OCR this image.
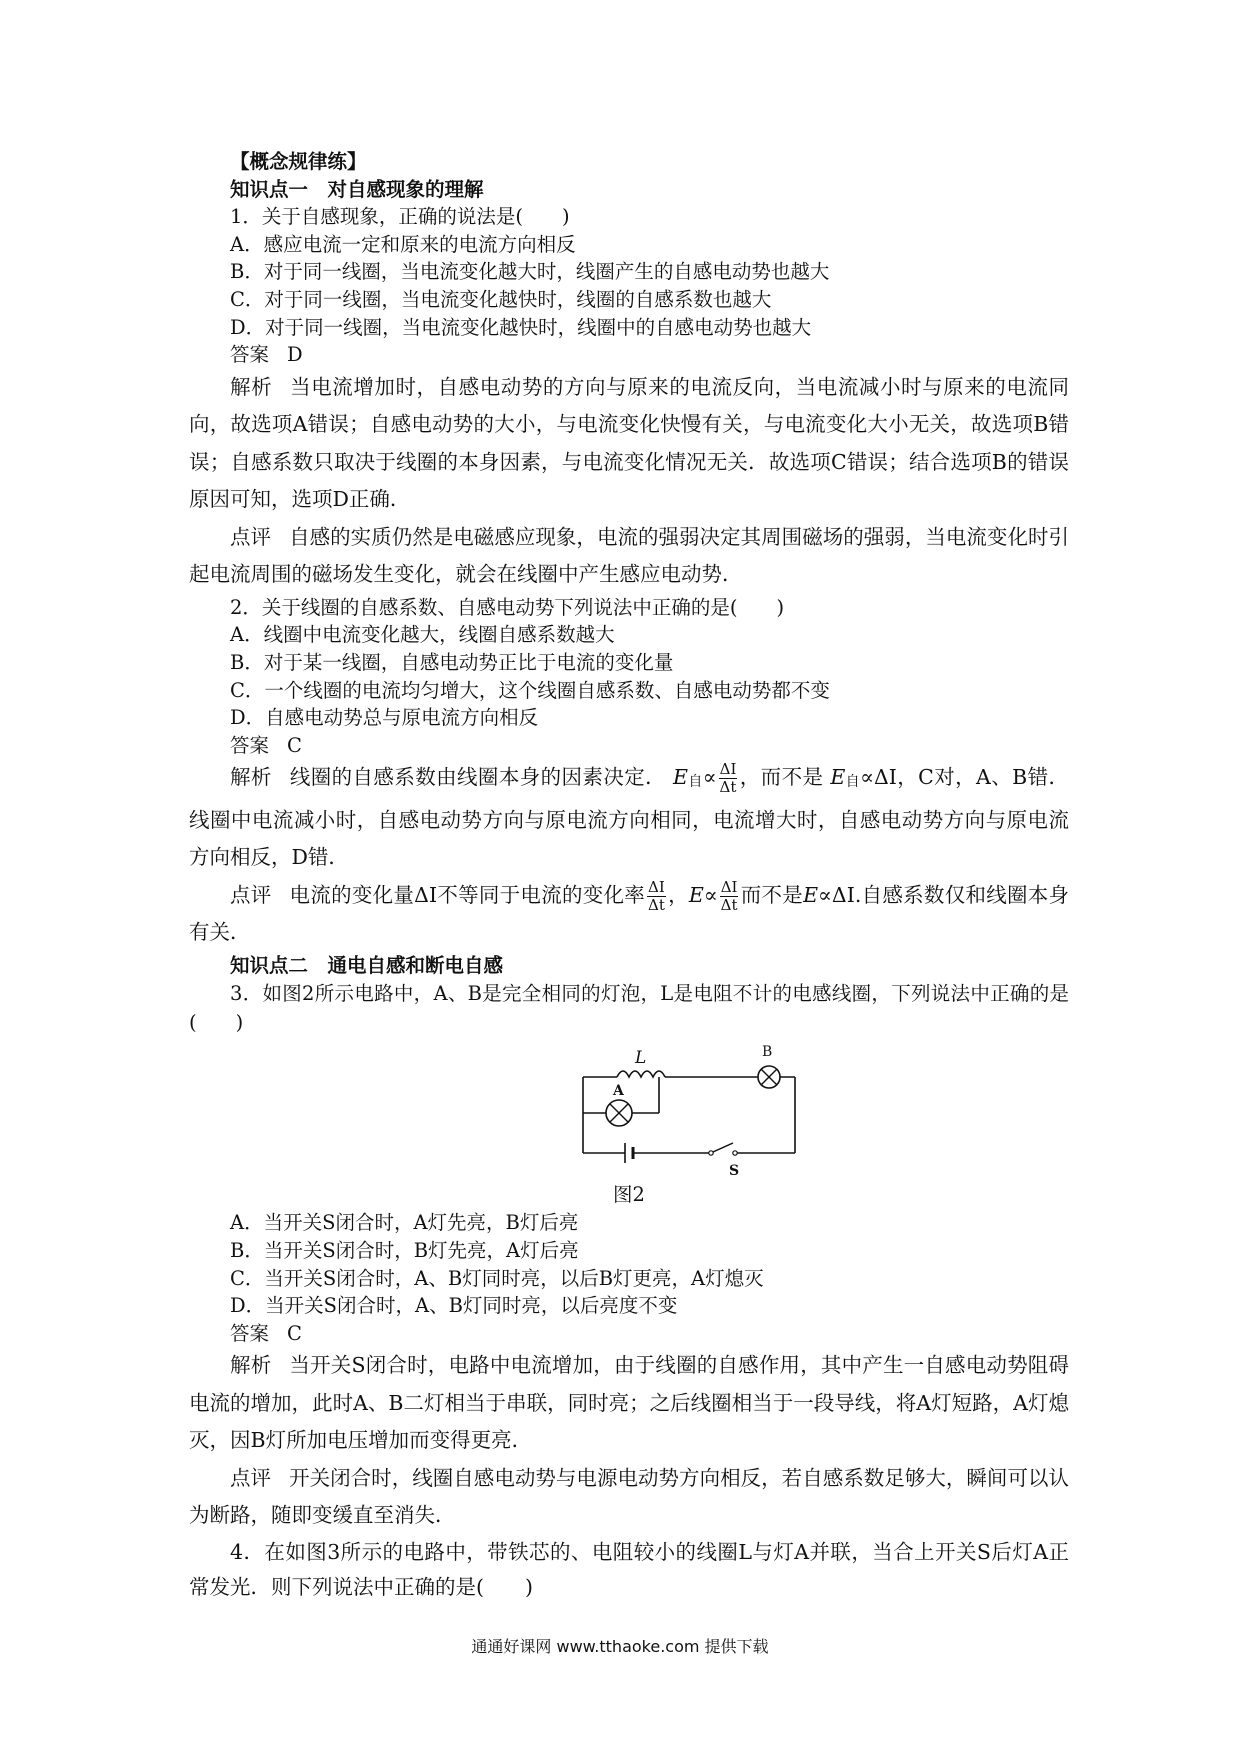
【概念规律练】
知识点一　对自感现象的理解
1．关于自感现象，正确的说法是(　　)
A．感应电流一定和原来的电流方向相反
B．对于同一线圈，当电流变化越大时，线圈产生的自感电动势也越大
C．对于同一线圈，当电流变化越快时，线圈的自感系数也越大
D．对于同一线圈，当电流变化越快时，线圈中的自感电动势也越大
答案 D
解析 当电流增加时，自感电动势的方向与原来的电流反向，当电流减小时与原来的电流同向，故选项A错误；自感电动势的大小，与电流变化快慢有关，与电流变化大小无关，故选项B错误；自感系数只取决于线圈的本身因素，与电流变化情况无关．故选项C错误；结合选项B的错误原因可知，选项D正确．
点评 自感的实质仍然是电磁感应现象，电流的强弱决定其周围磁场的强弱，当电流变化时引起电流周围的磁场发生变化，就会在线圈中产生感应电动势．
2．关于线圈的自感系数、自感电动势下列说法中正确的是(　　)
A．线圈中电流变化越大，线圈自感系数越大
B．对于某一线圈，自感电动势正比于电流的变化量
C．一个线圈的电流均匀增大，这个线圈自感系数、自感电动势都不变
D．自感电动势总与原电流方向相反
答案 C
解析 线圈的自感系数由线圈本身的因素决定． E自∝ $\frac{\Delta I}{\Delta t}$ ，而不是 E自∝ΔI，C对，A、B错．线圈中电流减小时，自感电动势方向与原电流方向相同，电流增大时，自感电动势方向与原电流方向相反，D错．
点评 电流的变化量ΔI不等同于电流的变化率 $\frac{\Delta I}{\Delta t}$ ，$E\propto \frac{\Delta I}{\Delta t}$ 而不是E∝ΔI.自感系数仅和线圈本身有关．
知识点二　通电自感和断电自感
3．如图2所示电路中，A、B是完全相同的灯泡，L是电阻不计的电感线圈，下列说法中正确的是(　　)
L	B
A
S
图2
A．当开关S闭合时，A灯先亮，B灯后亮
B．当开关S闭合时，B灯先亮，A灯后亮
C．当开关S闭合时，A、B灯同时亮，以后B灯更亮，A灯熄灭
D．当开关S闭合时，A、B灯同时亮，以后亮度不变
答案 C
解析 当开关S闭合时，电路中电流增加，由于线圈的自感作用，其中产生一自感电动势阻碍电流的增加，此时A、B二灯相当于串联，同时亮；之后线圈相当于一段导线，将A灯短路，A灯熄灭，因B灯所加电压增加而变得更亮．
点评 开关闭合时，线圈自感电动势与电源电动势方向相反，若自感系数足够大，瞬间可以认为断路，随即变缓直至消失．
4．在如图3所示的电路中，带铁芯的、电阻较小的线圈L与灯A并联，当合上开关S后灯A正常发光．则下列说法中正确的是(　　)
通通好课网 www.tthaoke.com 提供下载
